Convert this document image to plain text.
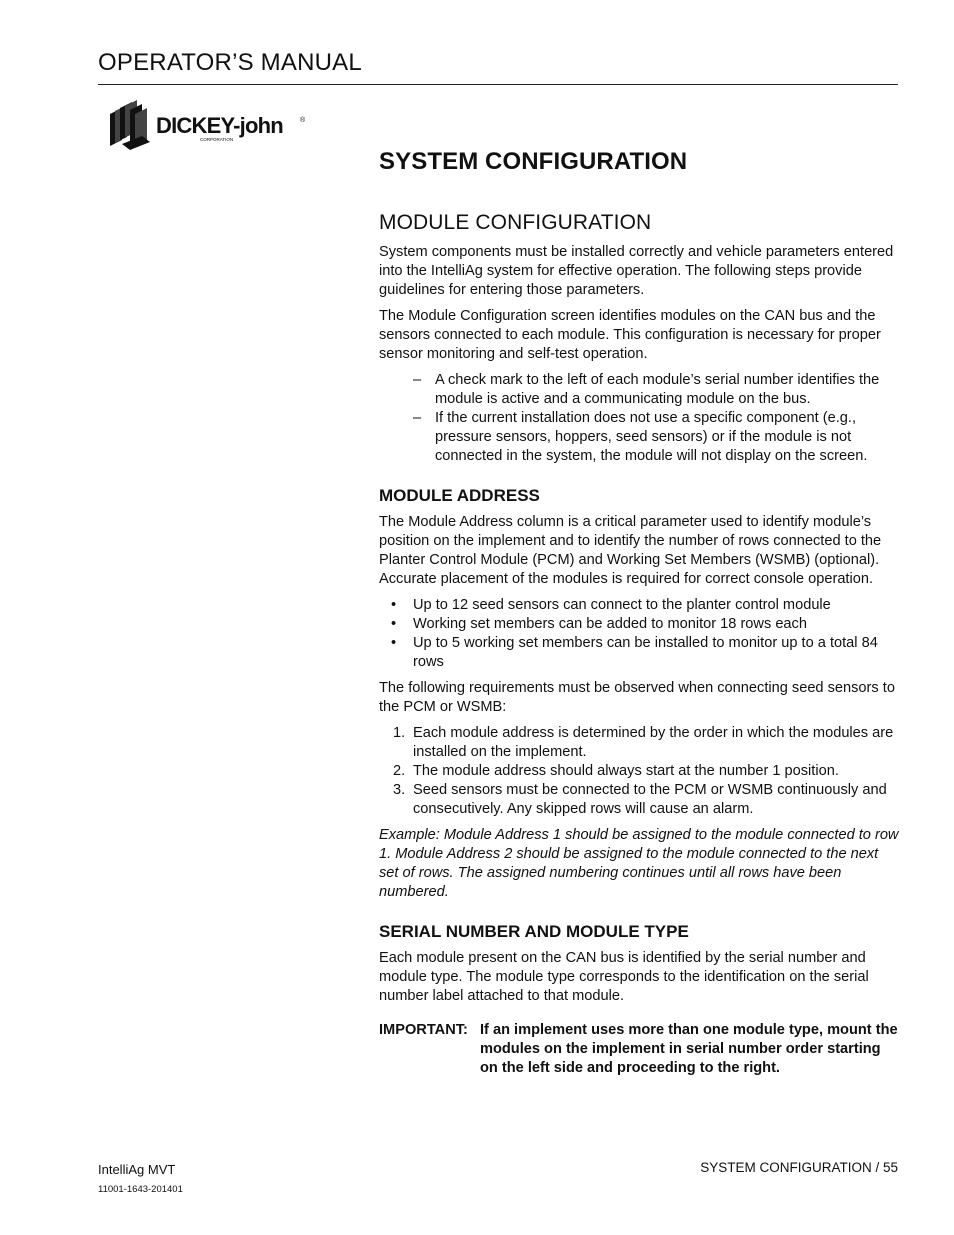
OPERATOR’S MANUAL
DICKEY-john ®
CORPORATION
SYSTEM CONFIGURATION
MODULE CONFIGURATION

System components must be installed correctly and vehicle parameters entered into the IntelliAg system for effective operation. The following steps provide guidelines for entering those parameters.

The Module Configuration screen identifies modules on the CAN bus and the sensors connected to each module. This configuration is necessary for proper sensor monitoring and self-test operation.

– A check mark to the left of each module’s serial number identifies the module is active and a communicating module on the bus.
– If the current installation does not use a specific component (e.g., pressure sensors, hoppers, seed sensors) or if the module is not connected in the system, the module will not display on the screen.
MODULE ADDRESS

The Module Address column is a critical parameter used to identify module’s position on the implement and to identify the number of rows connected to the Planter Control Module (PCM) and Working Set Members (WSMB) (optional). Accurate placement of the modules is required for correct console operation.

• Up to 12 seed sensors can connect to the planter control module
• Working set members can be added to monitor 18 rows each
• Up to 5 working set members can be installed to monitor up to a total 84 rows

The following requirements must be observed when connecting seed sensors to the PCM or WSMB:

1. Each module address is determined by the order in which the modules are installed on the implement.
2. The module address should always start at the number 1 position.
3. Seed sensors must be connected to the PCM or WSMB continuously and consecutively. Any skipped rows will cause an alarm.

Example: Module Address 1 should be assigned to the module connected to row 1. Module Address 2 should be assigned to the module connected to the next set of rows. The assigned numbering continues until all rows have been numbered.

SERIAL NUMBER AND MODULE TYPE

Each module present on the CAN bus is identified by the serial number and module type. The module type corresponds to the identification on the serial number label attached to that module.

IMPORTANT: If an implement uses more than one module type, mount the modules on the implement in serial number order starting on the left side and proceeding to the right.
IntelliAg MVT
11001-1643-201401
SYSTEM CONFIGURATION / 55
